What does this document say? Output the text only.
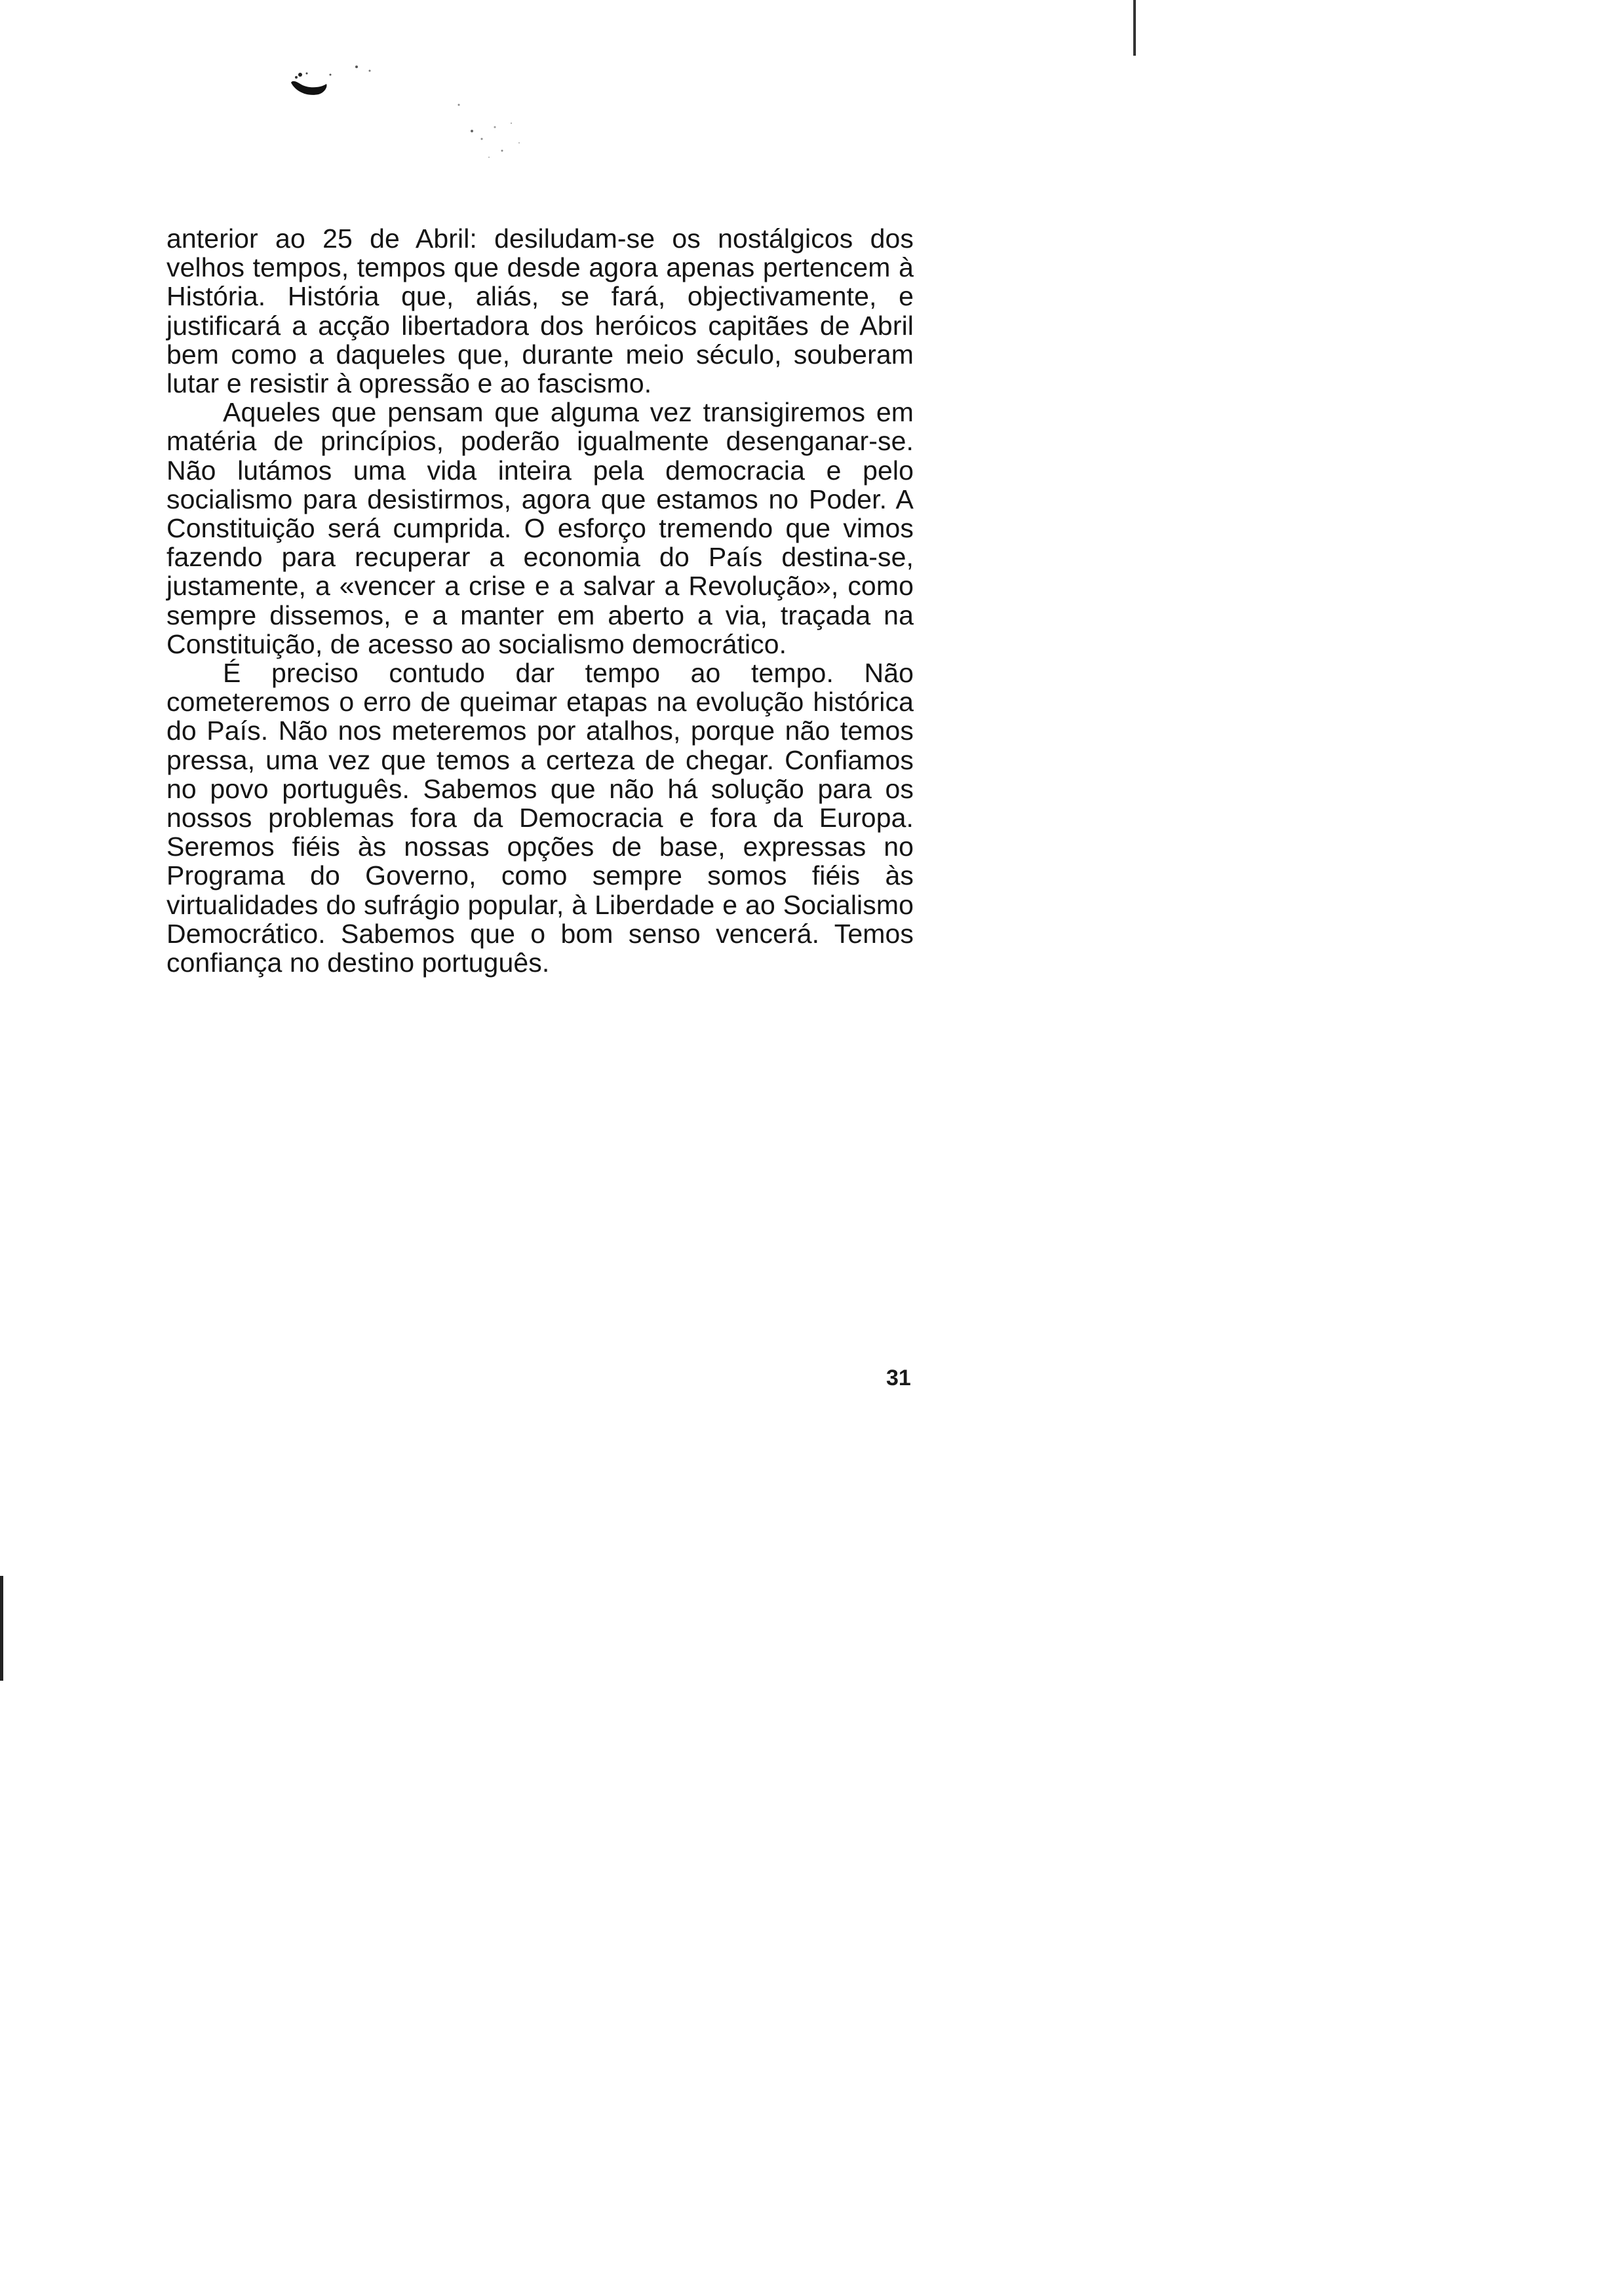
anterior ao 25 de Abril: desiludam-se os nostálgicos dos velhos tempos, tempos que desde agora apenas pertencem à História. História que, aliás, se fará, objectivamente, e justificará a acção libertadora dos heróicos capitães de Abril bem como a daqueles que, durante meio século, souberam lutar e resistir à opressão e ao fascismo.

Aqueles que pensam que alguma vez transigiremos em matéria de princípios, poderão igualmente desenganar-se. Não lutámos uma vida inteira pela democracia e pelo socialismo para desistirmos, agora que estamos no Poder. A Constituição será cumprida. O esforço tremendo que vimos fazendo para recuperar a economia do País destina-se, justamente, a «vencer a crise e a salvar a Revolução», como sempre dissemos, e a manter em aberto a via, traçada na Constituição, de acesso ao socialismo democrático.

É preciso contudo dar tempo ao tempo. Não cometeremos o erro de queimar etapas na evolução histórica do País. Não nos meteremos por atalhos, porque não temos pressa, uma vez que temos a certeza de chegar. Confiamos no povo português. Sabemos que não há solução para os nossos problemas fora da Democracia e fora da Europa. Seremos fiéis às nossas opções de base, expressas no Programa do Governo, como sempre somos fiéis às virtualidades do sufrágio popular, à Liberdade e ao Socialismo Democrático. Sabemos que o bom senso vencerá. Temos confiança no destino português.

31
